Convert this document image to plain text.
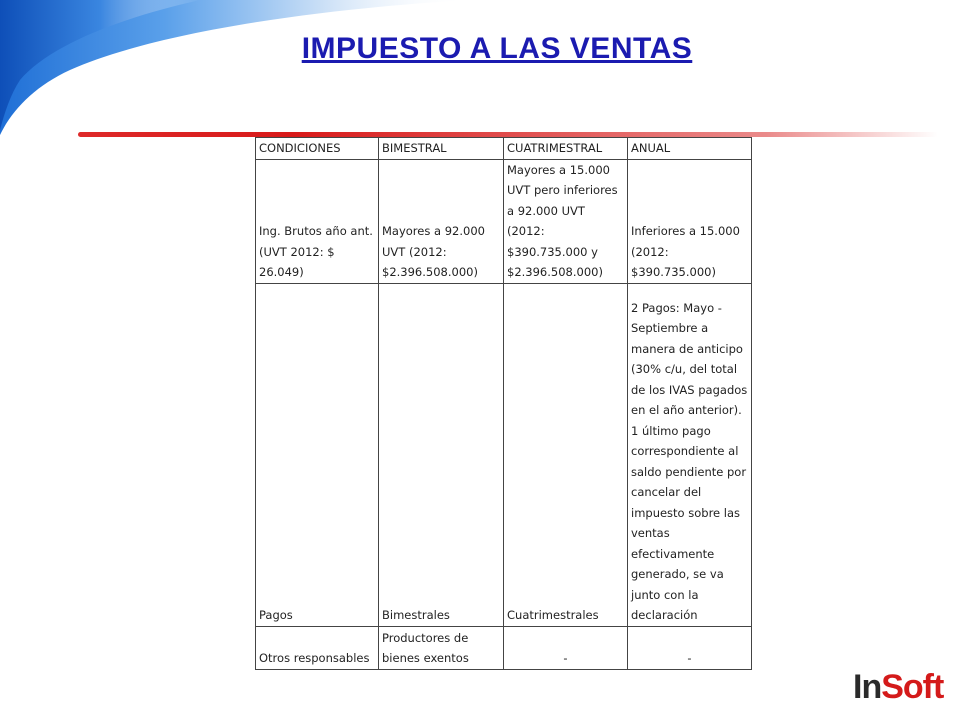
IMPUESTO A LAS VENTAS
CONDICIONES	BIMESTRAL	CUATRIMESTRAL	ANUAL
Ing. Brutos año ant. (UVT 2012: $ 26.049)	Mayores a 92.000 UVT (2012: $2.396.508.000)	Mayores a 15.000 UVT pero inferiores a 92.000 UVT (2012: $390.735.000 y $2.396.508.000)	Inferiores a 15.000 (2012: $390.735.000)
Pagos	Bimestrales	Cuatrimestrales	2 Pagos: Mayo - Septiembre a manera de anticipo (30% c/u, del total de los IVAS pagados en el año anterior). 1 último pago correspondiente al saldo pendiente por cancelar del impuesto sobre las ventas efectivamente generado, se va junto con la declaración
Otros responsables	Productores de bienes exentos	-	-
InSoft
